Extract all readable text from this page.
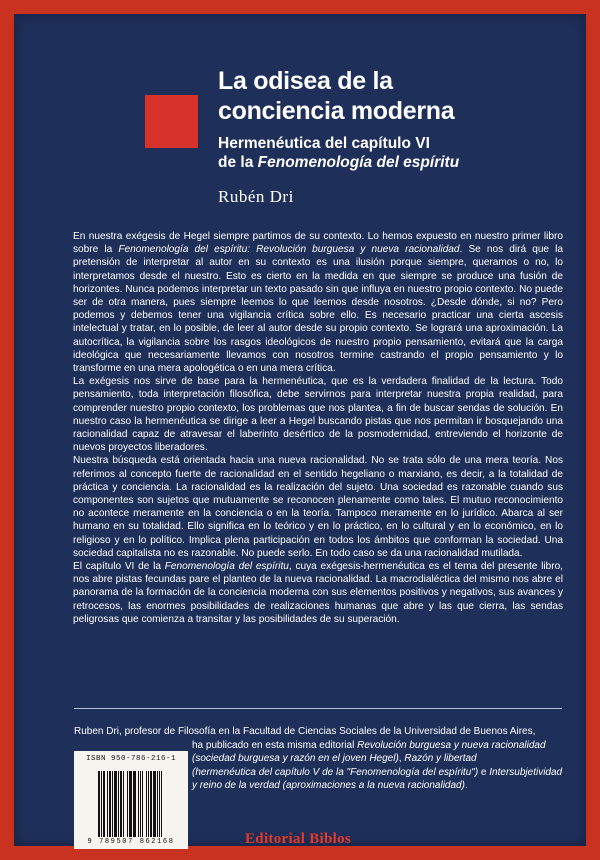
La odisea de la
conciencia moderna
Hermenéutica del capítulo VI
de la Fenomenología del espíritu
Rubén Dri

En nuestra exégesis de Hegel siempre partimos de su contexto. Lo hemos expuesto en nuestro primer libro sobre la Fenomenología del espíritu: Revolución burguesa y nueva racionalidad. Se nos dirá que la pretensión de interpretar al autor en su contexto es una ilusión porque siempre, queramos o no, lo interpretamos desde el nuestro. Esto es cierto en la medida en que siempre se produce una fusión de horizontes. Nunca podemos interpretar un texto pasado sin que influya en nuestro propio contexto. No puede ser de otra manera, pues siempre leemos lo que leemos desde nosotros. ¿Desde dónde, si no? Pero podemos y debemos tener una vigilancia crítica sobre ello. Es necesario practicar una cierta ascesis intelectual y tratar, en lo posible, de leer al autor desde su propio contexto. Se logrará una aproximación. La autocrítica, la vigilancia sobre los rasgos ideológicos de nuestro propio pensamiento, evitará que la carga ideológica que necesariamente llevamos con nosotros termine castrando el propio pensamiento y lo transforme en una mera apologética o en una mera crítica.

La exégesis nos sirve de base para la hermenéutica, que es la verdadera finalidad de la lectura. Todo pensamiento, toda interpretación filosófica, debe servirnos para interpretar nuestra propia realidad, para comprender nuestro propio contexto, los problemas que nos plantea, a fin de buscar sendas de solución. En nuestro caso la hermenéutica se dirige a leer a Hegel buscando pistas que nos permitan ir bosquejando una racionalidad capaz de atravesar el laberinto desértico de la posmodernidad, entreviendo el horizonte de nuevos proyectos liberadores.

Nuestra búsqueda está orientada hacia una nueva racionalidad. No se trata sólo de una mera teoría. Nos referimos al concepto fuerte de racionalidad en el sentido hegeliano o marxiano, es decir, a la totalidad de práctica y conciencia. La racionalidad es la realización del sujeto. Una sociedad es razonable cuando sus componentes son sujetos que mutuamente se reconocen plenamente como tales. El mutuo reconocimiento no acontece meramente en la conciencia o en la teoría. Tampoco meramente en lo jurídico. Abarca al ser humano en su totalidad. Ello significa en lo teórico y en lo práctico, en lo cultural y en lo económico, en lo religioso y en lo político. Implica plena participación en todos los ámbitos que conforman la sociedad. Una sociedad capitalista no es razonable. No puede serlo. En todo caso se da una racionalidad mutilada.

El capítulo VI de la Fenomenología del espíritu, cuya exégesis-hermenéutica es el tema del presente libro, nos abre pistas fecundas pare el planteo de la nueva racionalidad. La macrodialéctica del mismo nos abre el panorama de la formación de la conciencia moderna con sus elementos positivos y negativos, sus avances y retrocesos, las enormes posibilidades de realizaciones humanas que abre y las que cierra, las sendas peligrosas que comienza a transitar y las posibilidades de su superación.

Ruben Dri, profesor de Filosofía en la Facultad de Ciencias Sociales de la Universidad de Buenos Aires,
ha publicado en esta misma editorial Revolución burguesa y nueva racionalidad
(sociedad burguesa y razón en el joven Hegel), Razón y libertad
(hermenéutica del capítulo V de la "Fenomenología del espíritu") e Intersubjetividad
y reino de la verdad (aproximaciones a la nueva racionalidad).
ISBN 950-786-216-1
9 789507 862168	Editorial Biblos
